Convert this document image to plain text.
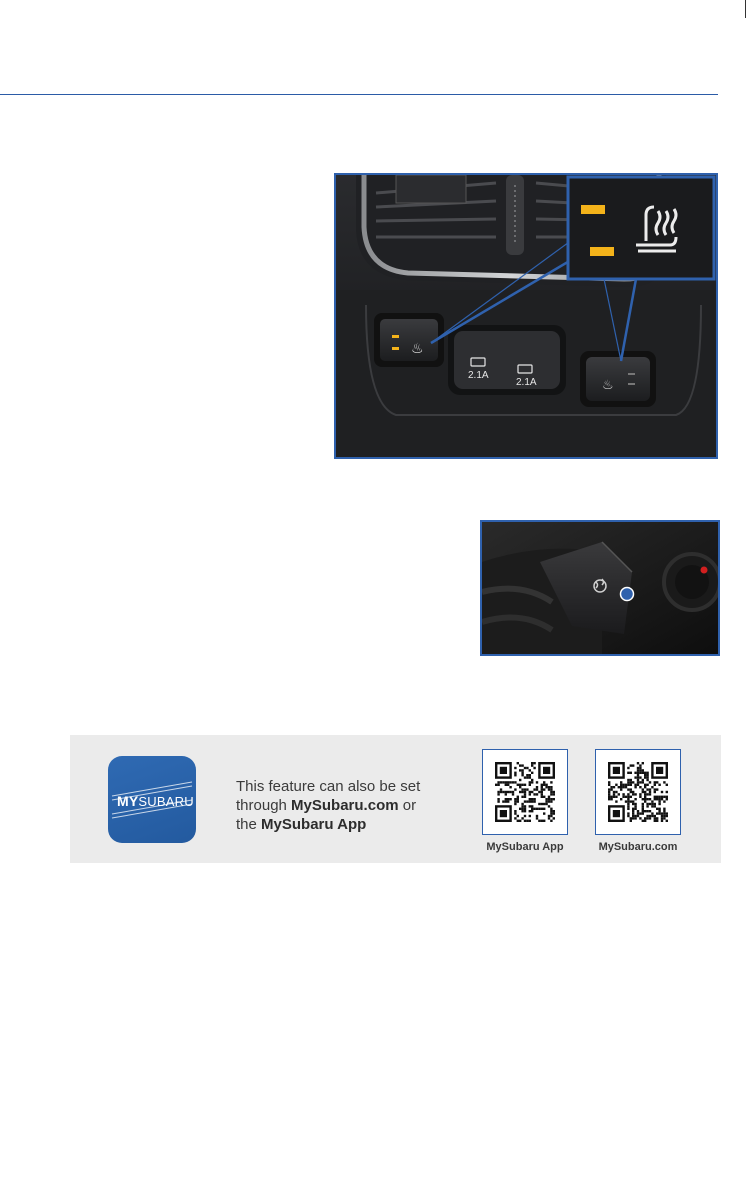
♨
2.1A
2.1A	♨
MYSUBARU
This feature can also be set
through MySubaru.com or
the MySubaru App
MySubaru App	MySubaru.com
